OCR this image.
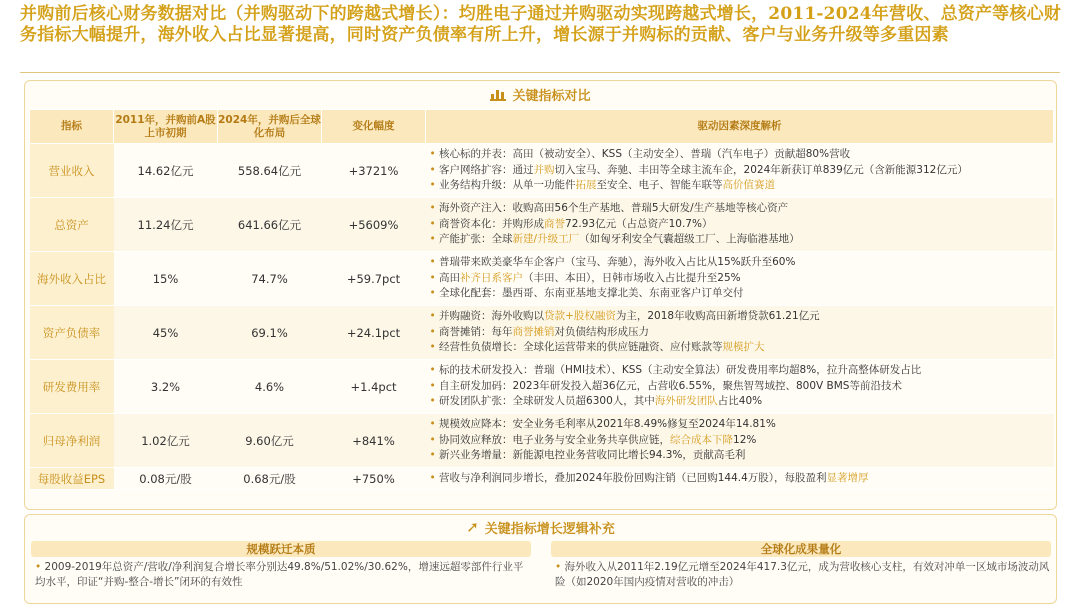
并购前后核心财务数据对比（并购驱动下的跨越式增长）：均胜电子通过并购驱动实现跨越式增长，2011-2024年营收、总资产等核心财务指标大幅提升，海外收入占比显著提高，同时资产负债率有所上升，增长源于并购标的贡献、客户与业务升级等多重因素
关键指标对比
指标	2011年，并购前A股上市初期	2024年，并购后全球化布局	变化幅度	驱动因素深度解析
营业收入	14.62亿元	558.64亿元	+3721%	• 核心标的并表：高田（被动安全）、KSS（主动安全）、普瑞（汽车电子）贡献超80%营收
• 客户网络扩容：通过并购切入宝马、奔驰、丰田等全球主流车企，2024年新获订单839亿元（含新能源312亿元）
• 业务结构升级：从单一功能件拓展至安全、电子、智能车联等高价值赛道

总资产	11.24亿元	641.66亿元	+5609%	• 海外资产注入：收购高田56个生产基地、普瑞5大研发/生产基地等核心资产
• 商誉资本化：并购形成商誉72.93亿元（占总资产10.7%）
• 产能扩张：全球新建/升级工厂（如匈牙利安全气囊超级工厂、上海临港基地）

海外收入占比	15%	74.7%	+59.7pct	• 普瑞带来欧美豪华车企客户（宝马、奔驰），海外收入占比从15%跃升至60%
• 高田补齐日系客户（丰田、本田），日韩市场收入占比提升至25%
• 全球化配套：墨西哥、东南亚基地支撑北美、东南亚客户订单交付

资产负债率	45%	69.1%	+24.1pct	• 并购融资：海外收购以贷款+股权融资为主，2018年收购高田新增贷款61.21亿元
• 商誉摊销：每年商誉摊销对负债结构形成压力
• 经营性负债增长：全球化运营带来的供应链融资、应付账款等规模扩大

研发费用率	3.2%	4.6%	+1.4pct	• 标的技术研发投入：普瑞（HMI技术）、KSS（主动安全算法）研发费用率均超8%，拉升高整体研发占比
• 自主研发加码：2023年研发投入超36亿元，占营收6.55%，聚焦智驾域控、800V BMS等前沿技术
• 研发团队扩张：全球研发人员超6300人，其中海外研发团队占比40%

归母净利润	1.02亿元	9.60亿元	+841%	• 规模效应降本：安全业务毛利率从2021年8.49%修复至2024年14.81%
• 协同效应释放：电子业务与安全业务共享供应链，综合成本下降12%
• 新兴业务增量：新能源电控业务营收同比增长94.3%，贡献高毛利

每股收益EPS	0.08元/股	0.68元/股	+750%	• 营收与净利润同步增长，叠加2024年股份回购注销（已回购144.4万股），每股盈利显著增厚
➚ 关键指标增长逻辑补充
规模跃迁本质
• 2009-2019年总资产/营收/净利润复合增长率分别达49.8%/51.02%/30.62%，增速远超零部件行业平均水平，印证“并购-整合-增长”闭环的有效性
全球化成果量化
• 海外收入从2011年2.19亿元增至2024年417.3亿元，成为营收核心支柱，有效对冲单一区域市场波动风险（如2020年国内疫情对营收的冲击）
